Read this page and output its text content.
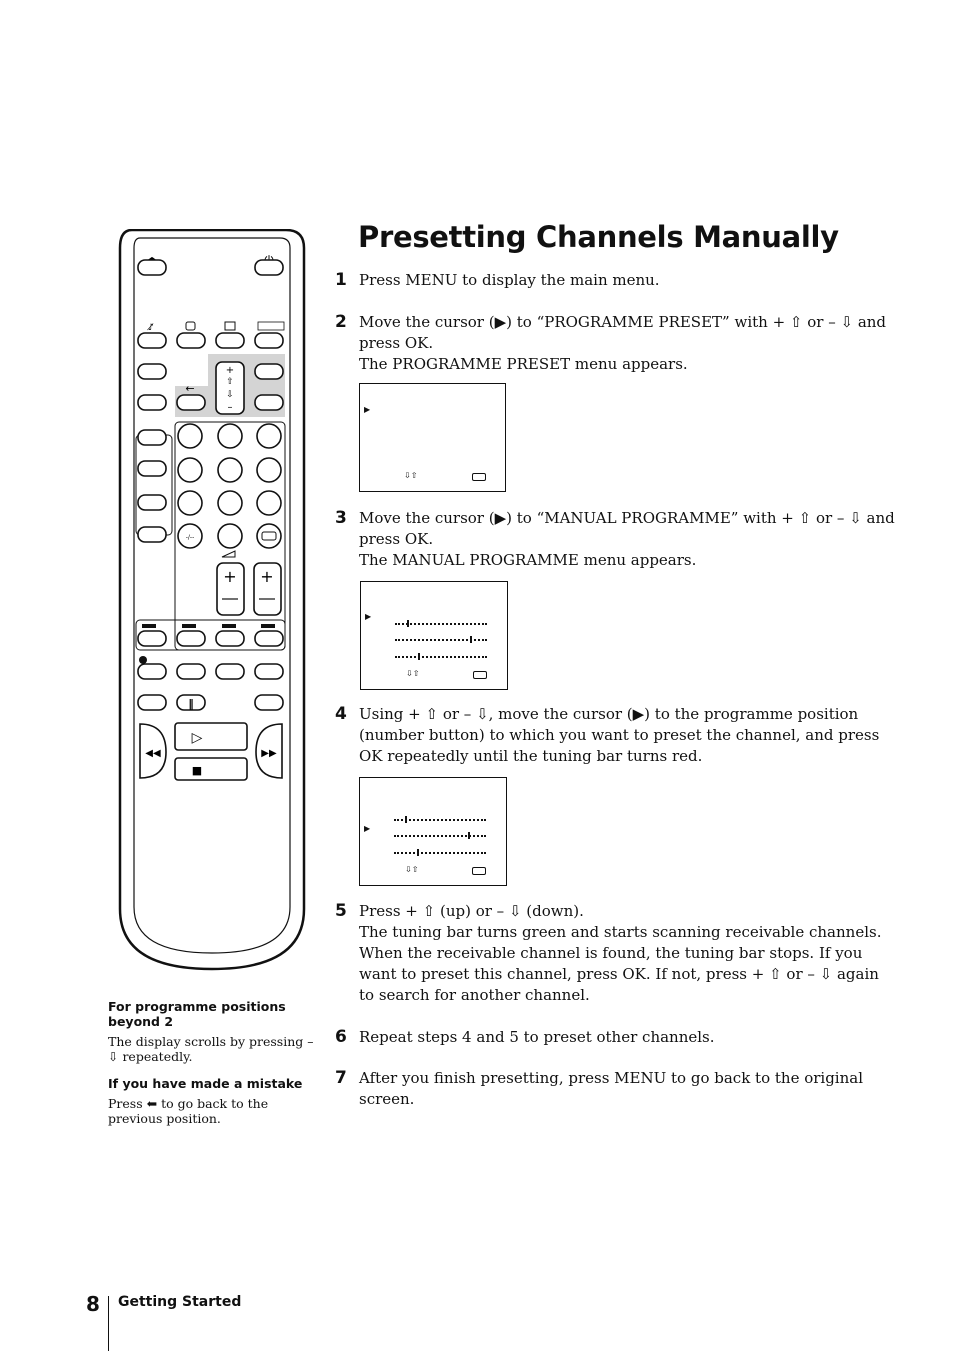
Presetting Channels Manually
1 Press MENU to display the main menu.

2 Move the cursor (▶) to “PROGRAMME PRESET” with + ⇧ or – ⇩ and press OK.

The PROGRAMME PRESET menu appears.

▶
⇩⇧
3 Move the cursor (▶) to “MANUAL PROGRAMME” with + ⇧ or – ⇩ and press OK.

The MANUAL PROGRAMME menu appears.

▶
⇩⇧
4 Using + ⇧ or – ⇩, move the cursor (▶) to the programme position (number button) to which you want to preset the channel, and press OK repeatedly until the tuning bar turns red.

▶
⇩⇧
5 Press + ⇧ (up) or – ⇩ (down).

The tuning bar turns green and starts scanning receivable channels. When the receivable channel is found, the tuning bar stops. If you want to preset this channel, press OK. If not, press + ⇧ or – ⇩ again to search for another channel.

6 Repeat steps 4 and 5 to preset other channels.

7 After you finish presetting, press MENU to go back to the original screen.

For programme positions beyond 2

The display scrolls by pressing – ⇩ repeatedly.

If you have made a mistake

Press ⬅ to go back to the previous position.

♪̸
←
+
⇧
⇩
–
-/--
+ +
‖
◀◀	▶▶
▷
■
8 Getting Started
